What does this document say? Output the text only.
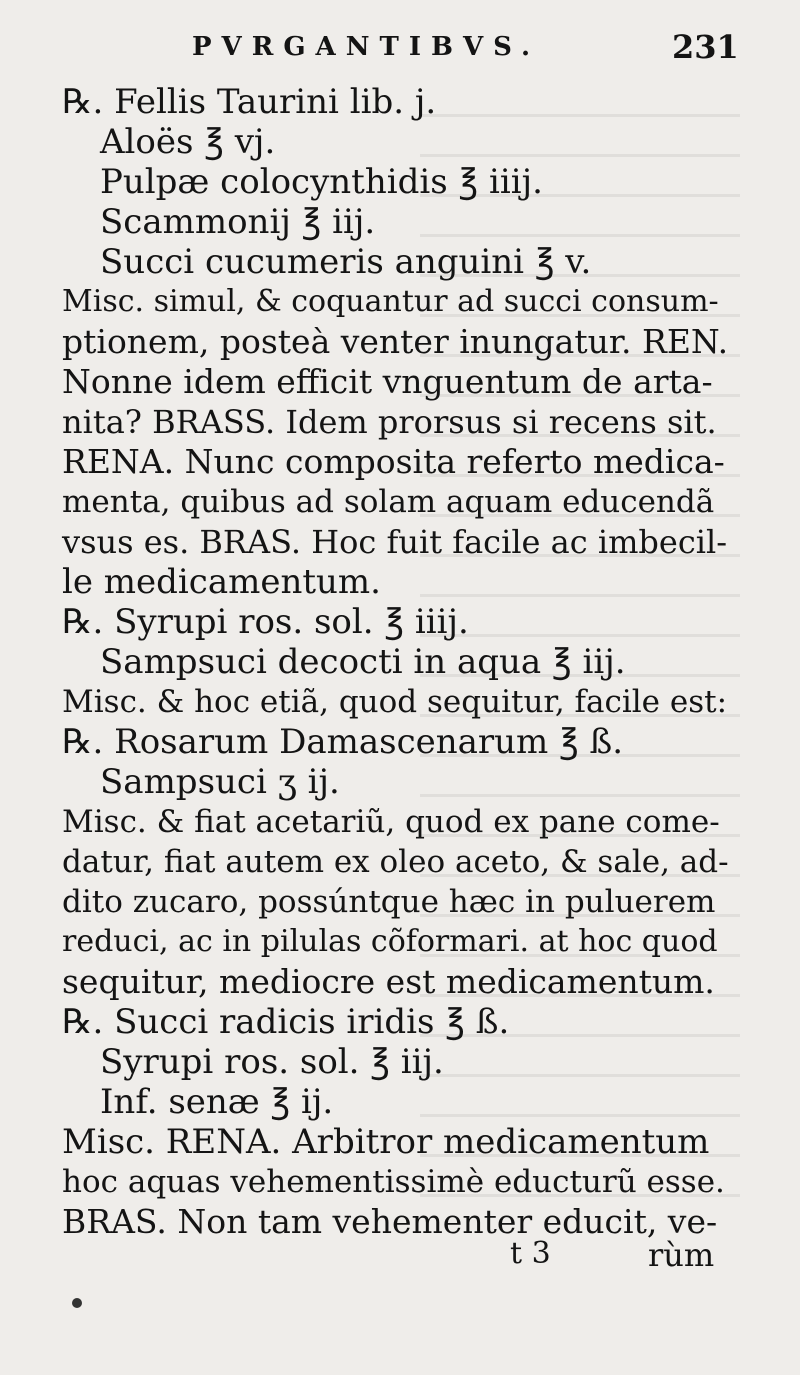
PVRGANTIBVS.	231
℞. Fellis Taurini lib. j.
Aloës ℥ vj.
Pulpæ colocynthidis ℥ iiij.
Scammonij ℥ iij.
Succi cucumeris anguini ℥ v.
Misc. simul, & coquantur ad succi consum-
ptionem, posteà venter inungatur. REN.
Nonne idem efficit vnguentum de arta-
nita? BRASS. Idem prorsus si recens sit.
RENA. Nunc composita referto medica-
menta, quibus ad solam aquam educendã
vsus es. BRAS. Hoc fuit facile ac imbecil-
le medicamentum.
℞. Syrupi ros. sol. ℥ iiij.
Sampsuci decocti in aqua ℥ iij.
Misc. & hoc etiã, quod sequitur, facile est:
℞. Rosarum Damascenarum ℥ ß.
Sampsuci ʒ ij.
Misc. & fiat acetariũ, quod ex pane come-
datur, fiat autem ex oleo aceto, & sale, ad-
dito zucaro, possúntque hæc in puluerem
reduci, ac in pilulas cõformari. at hoc quod
sequitur, mediocre est medicamentum.
℞. Succi radicis iridis ℥ ß.
Syrupi ros. sol. ℥ iij.
Inf. senæ ℥ ij.
Misc. RENA. Arbitror medicamentum
hoc aquas vehementissimè educturũ esse.
BRAS. Non tam vehementer educit, ve-
t 3	rùm
